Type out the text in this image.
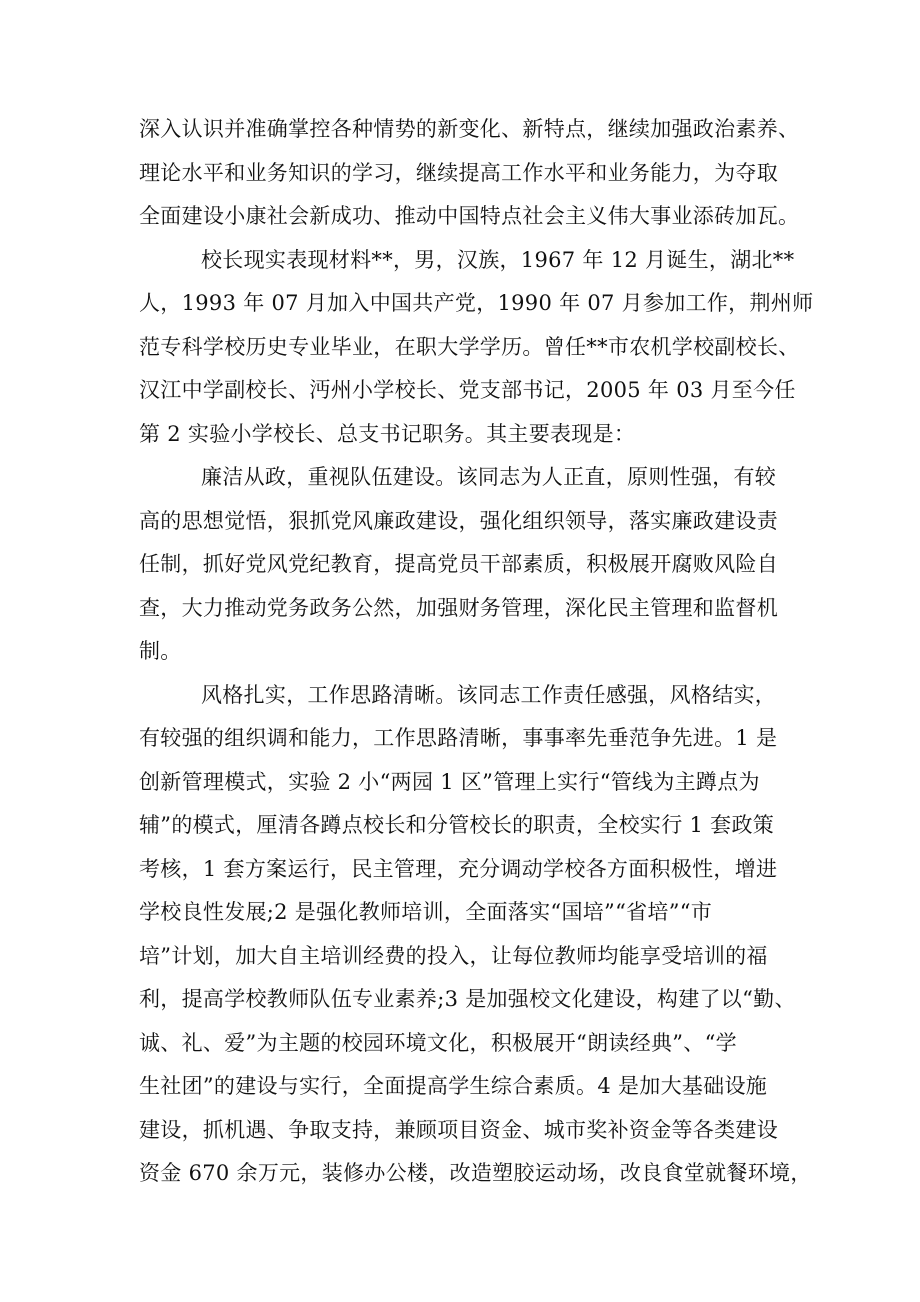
深入认识并准确掌控各种情势的新变化、新特点，继续加强政治素养、
理论水平和业务知识的学习，继续提高工作水平和业务能力，为夺取
全面建设小康社会新成功、推动中国特点社会主义伟大事业添砖加瓦。
校长现实表现材料**，男，汉族，1967 年 12 月诞生，湖北**
人，1993 年 07 月加入中国共产党，1990 年 07 月参加工作，荆州师
范专科学校历史专业毕业，在职大学学历。曾任**市农机学校副校长、
汉江中学副校长、沔州小学校长、党支部书记，2005 年 03 月至今任
第 2 实验小学校长、总支书记职务。其主要表现是：
廉洁从政，重视队伍建设。该同志为人正直，原则性强，有较
高的思想觉悟，狠抓党风廉政建设，强化组织领导，落实廉政建设责
任制，抓好党风党纪教育，提高党员干部素质，积极展开腐败风险自
查，大力推动党务政务公然，加强财务管理，深化民主管理和监督机
制。
风格扎实，工作思路清晰。该同志工作责任感强，风格结实，
有较强的组织调和能力，工作思路清晰，事事率先垂范争先进。1 是
创新管理模式，实验 2 小“两园 1 区”管理上实行“管线为主蹲点为
辅”的模式，厘清各蹲点校长和分管校长的职责，全校实行 1 套政策
考核，1 套方案运行，民主管理，充分调动学校各方面积极性，增进
学校良性发展;2 是强化教师培训，全面落实“国培”“省培”“市
培”计划，加大自主培训经费的投入，让每位教师均能享受培训的福
利，提高学校教师队伍专业素养;3 是加强校文化建设，构建了以“勤、
诚、礼、爱”为主题的校园环境文化，积极展开“朗读经典”、“学
生社团”的建设与实行，全面提高学生综合素质。4 是加大基础设施
建设，抓机遇、争取支持，兼顾项目资金、城市奖补资金等各类建设
资金 670 余万元，装修办公楼，改造塑胶运动场，改良食堂就餐环境，
